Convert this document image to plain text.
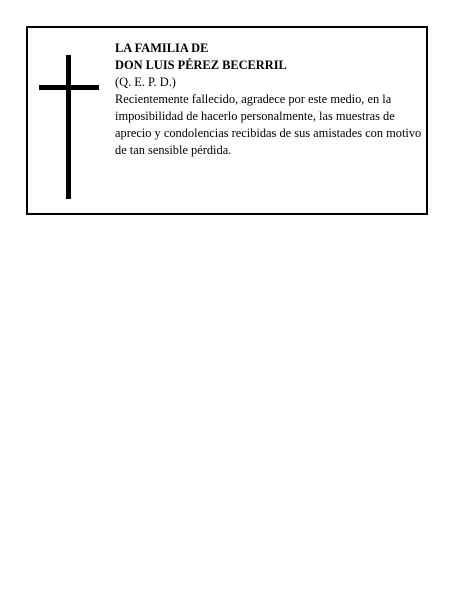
LA FAMILIA DE
DON LUIS PÉREZ BECERRIL
(Q. E. P. D.)
Recientemente fallecido, agradece por este medio, en la imposibilidad de hacerlo personalmente, las muestras de aprecio y condolencias recibidas de sus amistades con motivo de tan sensible pérdida.
